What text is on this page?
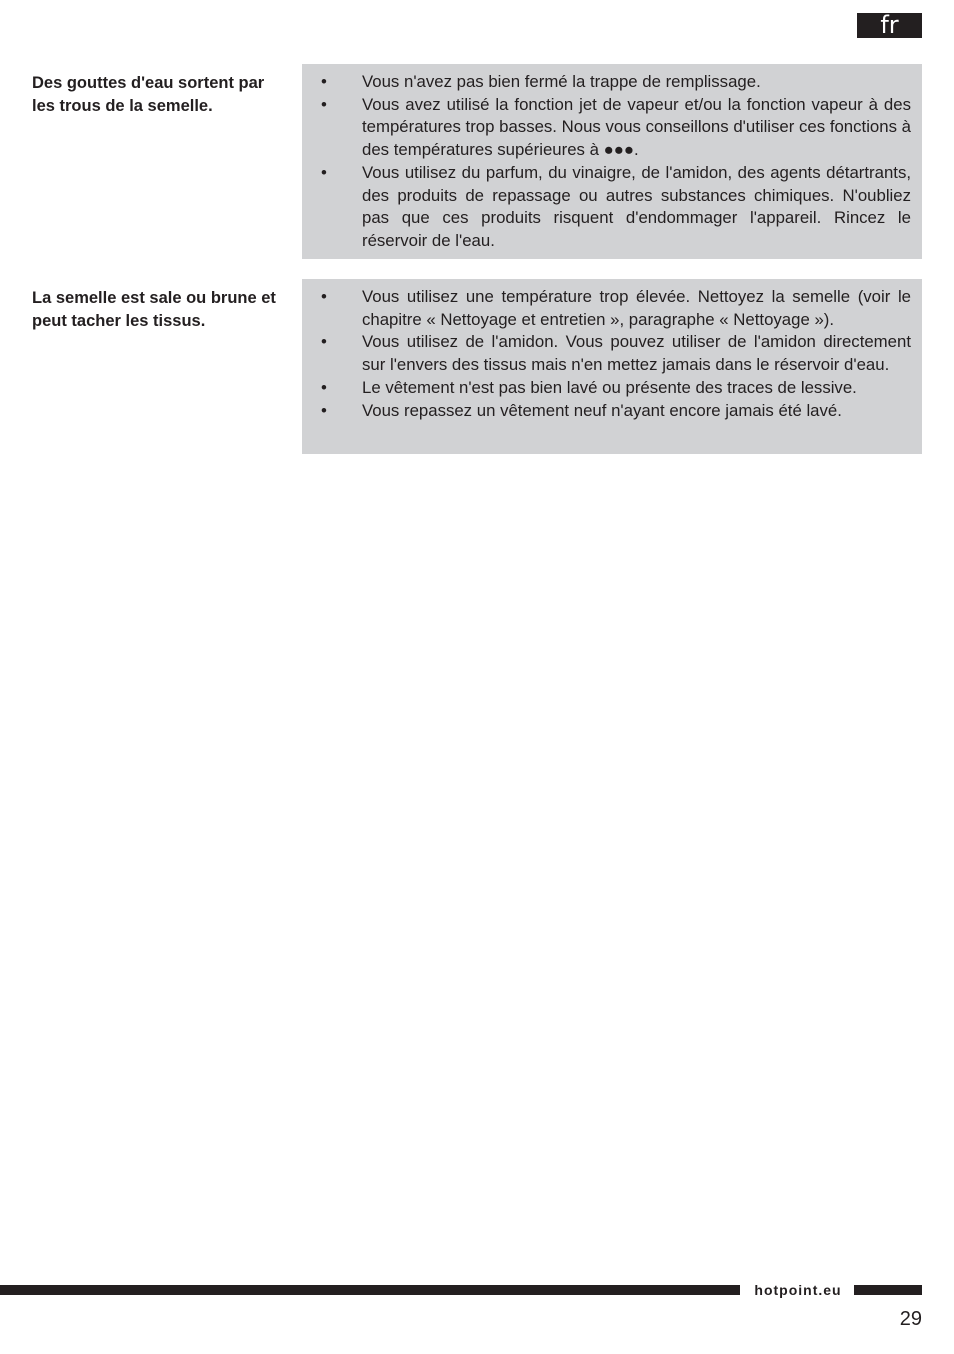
fr
Des gouttes d'eau sortent par les trous de la semelle.
• Vous n'avez pas bien fermé la trappe de remplissage.
• Vous avez utilisé la fonction jet de vapeur et/ou la fonction vapeur à des températures trop basses. Nous vous conseillons d'utiliser ces fonctions à des températures supérieures à ●●●.
• Vous utilisez du parfum, du vinaigre, de l'amidon, des agents détartrants, des produits de repassage ou autres substances chimiques. N'oubliez pas que ces produits risquent d'endommager l'appareil. Rincez le réservoir de l'eau.
La semelle est sale ou brune et peut tacher les tissus.
• Vous utilisez une température trop élevée. Nettoyez la semelle (voir le chapitre « Nettoyage et entretien », paragraphe « Nettoyage »).
• Vous utilisez de l'amidon. Vous pouvez utiliser de l'amidon directement sur l'envers des tissus mais n'en mettez jamais dans le réservoir d'eau.
• Le vêtement n'est pas bien lavé ou présente des traces de lessive.
• Vous repassez un vêtement neuf n'ayant encore jamais été lavé.
hotpoint.eu
29
